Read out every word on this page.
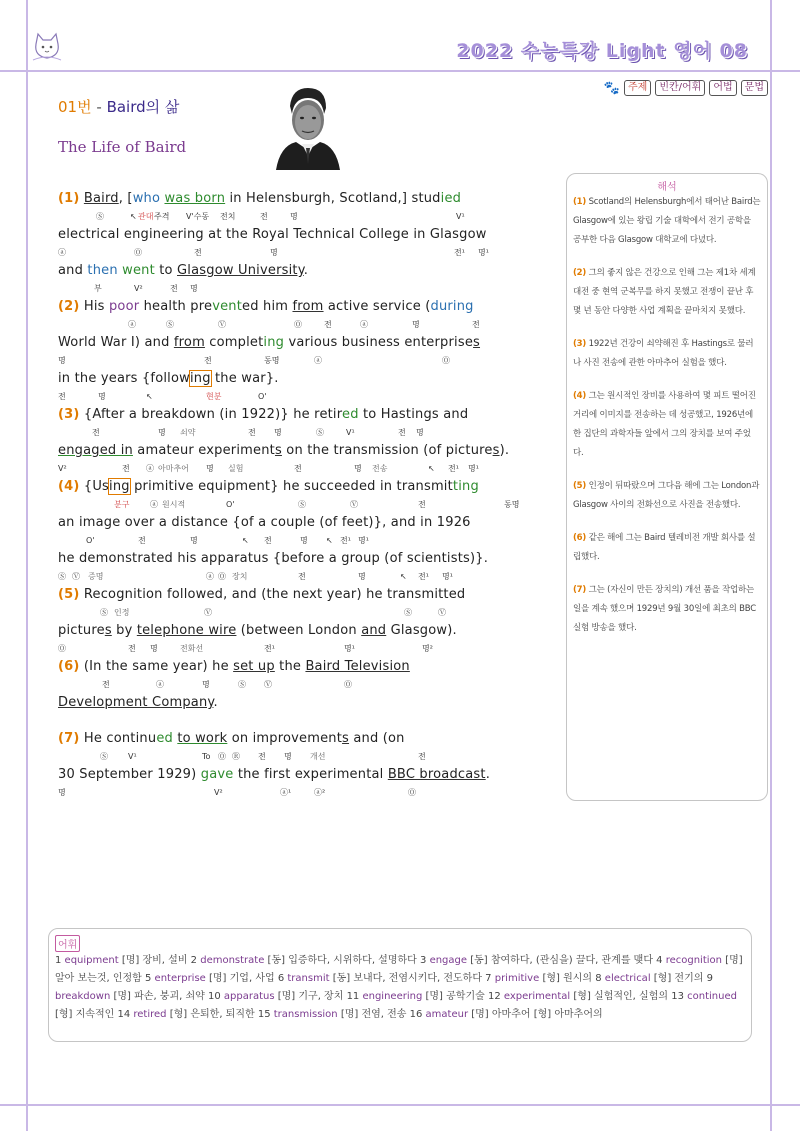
2022 수능특강 Light 영어 08
🐾 주제	빈칸/어휘	어법	문법
01번 - Baird의 삶
The Life of Baird
(1) Baird, [who was born in Helensburgh, Scotland,] studied
Ⓢ	↖ 관대 주격 V'수동 전치	전	명	V¹
electrical engineering at the Royal Technical College in Glasgow
ⓐ	Ⓞ	전	명	전¹ 명¹
and then went to Glasgow University.
부	V²	전 명
(2) His poor health prevented him from active service (during
ⓐ	Ⓢ	Ⓥ	Ⓞ	전	ⓐ	명	전
World War I) and from completing various business enterprises
명	전	동명	ⓐ	Ⓞ
in the years {following the war}.
전	명	↖	현분	O'
(3) {After a breakdown (in 1922)} he retired to Hastings and
전	명 쇠약	전 명	Ⓢ	V¹	전 명
engaged in amateur experiments on the transmission (of pictures).
V²	전 ⓐ 아마추어 명 실험	전	명 전송	↖ 전¹ 명¹
(4) {Using primitive equipment} he succeeded in transmitting
분구	ⓐ 원시적	O'	Ⓢ	Ⓥ	전	동명
an image over a distance {of a couple (of feet)}, and in 1926
O'	전	명	↖ 전	명 ↖ 전¹ 명¹
he demonstrated his apparatus {before a group (of scientists)}.
Ⓢ Ⓥ 증명	ⓐ Ⓞ 장치	전	명	↖ 전¹ 명¹
(5) Recognition followed, and (the next year) he transmitted
Ⓢ 인정	Ⓥ	Ⓢ	Ⓥ
pictures by telephone wire (between London and Glasgow).
Ⓞ	전 명	전화선	전¹	명¹	명²
(6) (In the same year) he set up the Baird Television
전	ⓐ	명	Ⓢ Ⓥ	Ⓞ
Development Company.
(7) He continued to work on improvements and (on
Ⓢ	V¹	To Ⓞ Ⓡ 전 명 개선	전
30 September 1929) gave the first experimental BBC broadcast.
명	V²	ⓐ¹	ⓐ²	Ⓞ
해석
(1) Scotland의 Helensburgh에서 태어난 Baird는 Glasgow에 있는 왕립 기술 대학에서 전기 공학을 공부한 다음 Glasgow 대학교에 다녔다.
(2) 그의 좋지 않은 건강으로 인해 그는 제1차 세계 대전 중 현역 군복무를 하지 못했고 전쟁이 끝난 후 몇 년 동안 다양한 사업 계획을 끝마치지 못했다.
(3) 1922년 건강이 쇠약해진 후 Hastings로 물러나 사진 전송에 관한 아마추어 실험을 했다.
(4) 그는 원시적인 장비를 사용하여 몇 피트 떨어진 거리에 이미지를 전송하는 데 성공했고, 1926년에 한 집단의 과학자들 앞에서 그의 장치를 보여 주었다.
(5) 인정이 뒤따랐으며 그다음 해에 그는 London과 Glasgow 사이의 전화선으로 사진을 전송했다.
(6) 같은 해에 그는 Baird 텔레비전 개발 회사를 설립했다.
(7) 그는 (자신이 만든 장치의) 개선 품을 작업하는 일을 계속 했으며 1929년 9월 30일에 최초의 BBC 실험 방송을 했다.
어휘
1 equipment [명] 장비, 설비 2 demonstrate [동] 입증하다, 시위하다, 설명하다 3 engage [동] 참여하다, (관심을) 끌다, 관계를 맺다 4 recognition [명] 알아 보는것, 인정함 5 enterprise [명] 기업, 사업 6 transmit [동] 보내다, 전염시키다, 전도하다 7 primitive [형] 원시의 8 electrical [형] 전기의 9 breakdown [명] 파손, 붕괴, 쇠약 10 apparatus [명] 기구, 장치 11 engineering [명] 공학기술 12 experimental [형] 실험적인, 실험의 13 continued [형] 지속적인 14 retired [형] 은퇴한, 퇴직한 15 transmission [명] 전염, 전송 16 amateur [명] 아마추어 [형] 아마추어의
